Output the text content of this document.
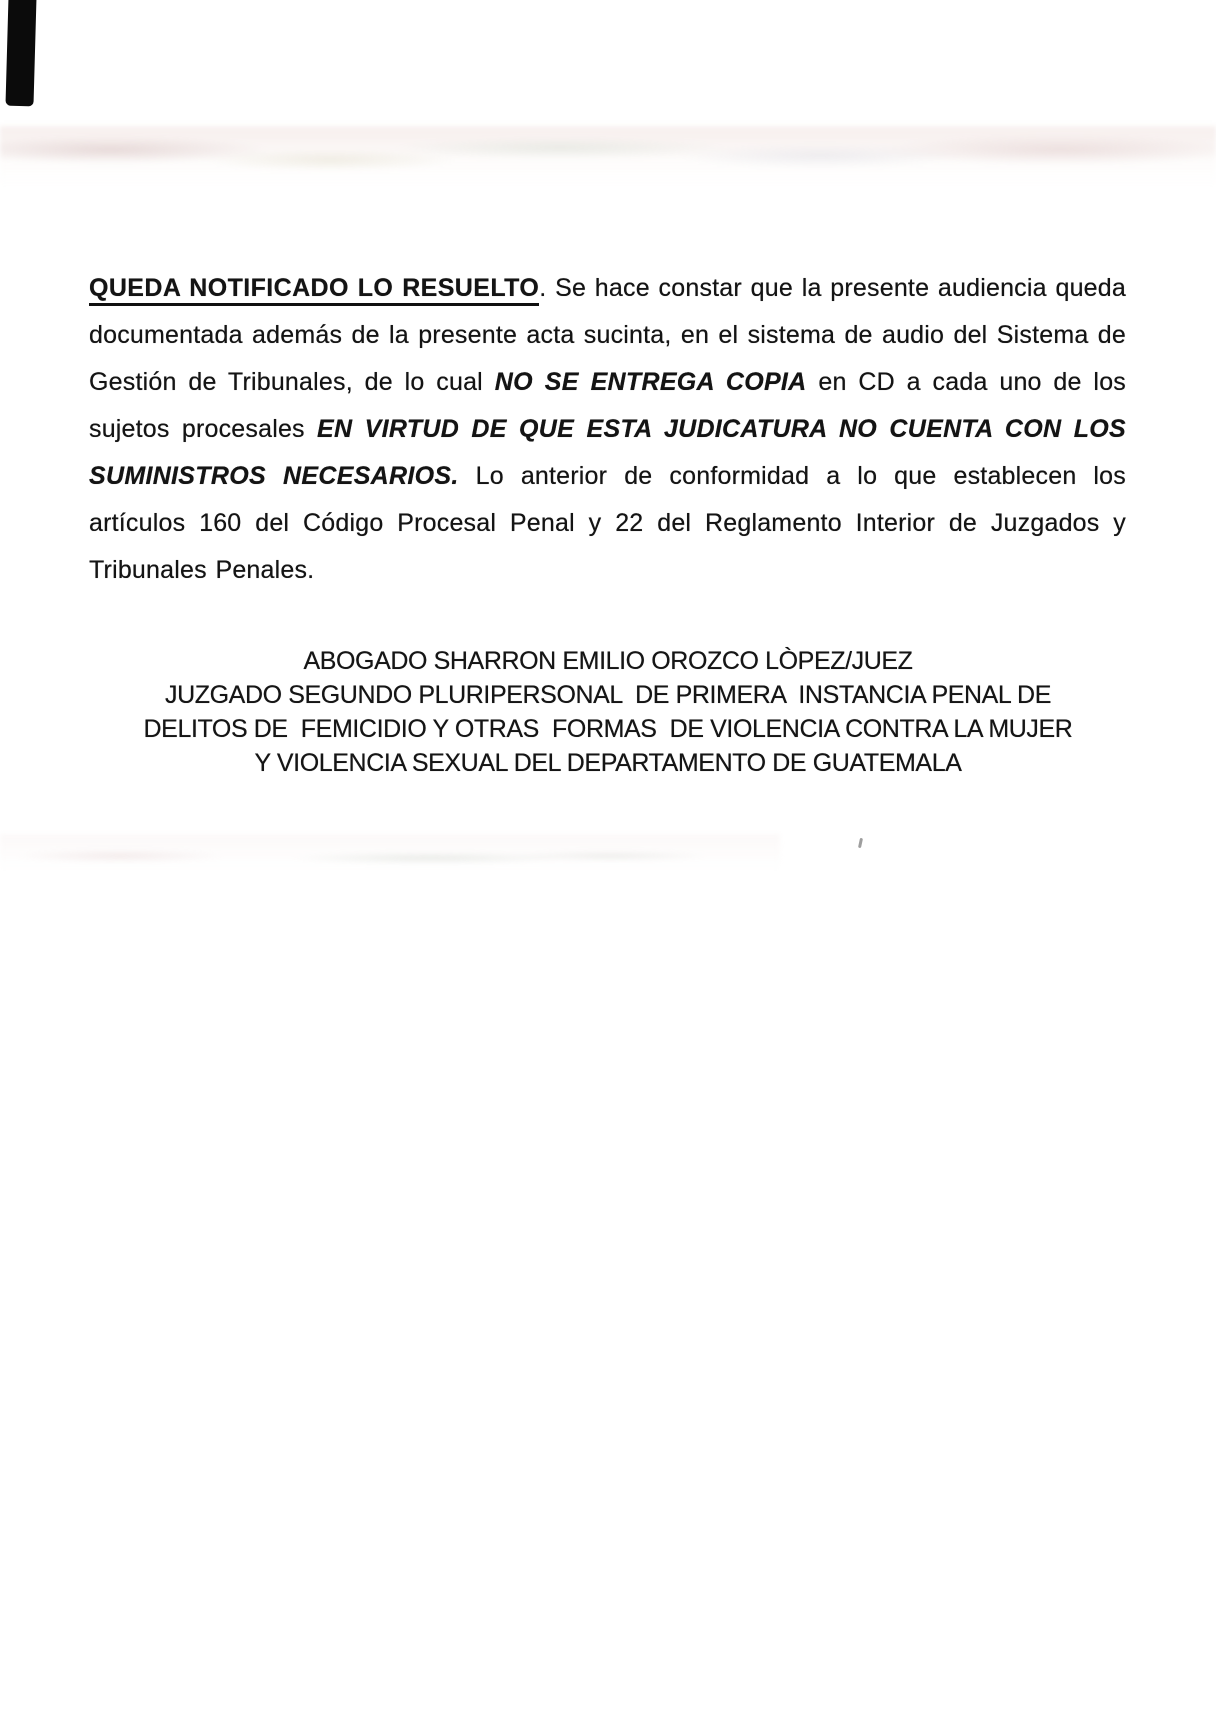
QUEDA NOTIFICADO LO RESUELTO. Se hace constar que la presente audiencia queda documentada además de la presente acta sucinta, en el sistema de audio del Sistema de Gestión de Tribunales, de lo cual NO SE ENTREGA COPIA en CD a cada uno de los sujetos procesales EN VIRTUD DE QUE ESTA JUDICATURA NO CUENTA CON LOS SUMINISTROS NECESARIOS. Lo anterior de conformidad a lo que establecen los artículos 160 del Código Procesal Penal y 22 del Reglamento Interior de Juzgados y Tribunales Penales.

ABOGADO SHARRON EMILIO OROZCO LÒPEZ/JUEZ
JUZGADO SEGUNDO PLURIPERSONAL  DE PRIMERA  INSTANCIA PENAL DE
DELITOS DE  FEMICIDIO Y OTRAS  FORMAS  DE VIOLENCIA CONTRA LA MUJER
Y VIOLENCIA SEXUAL DEL DEPARTAMENTO DE GUATEMALA
